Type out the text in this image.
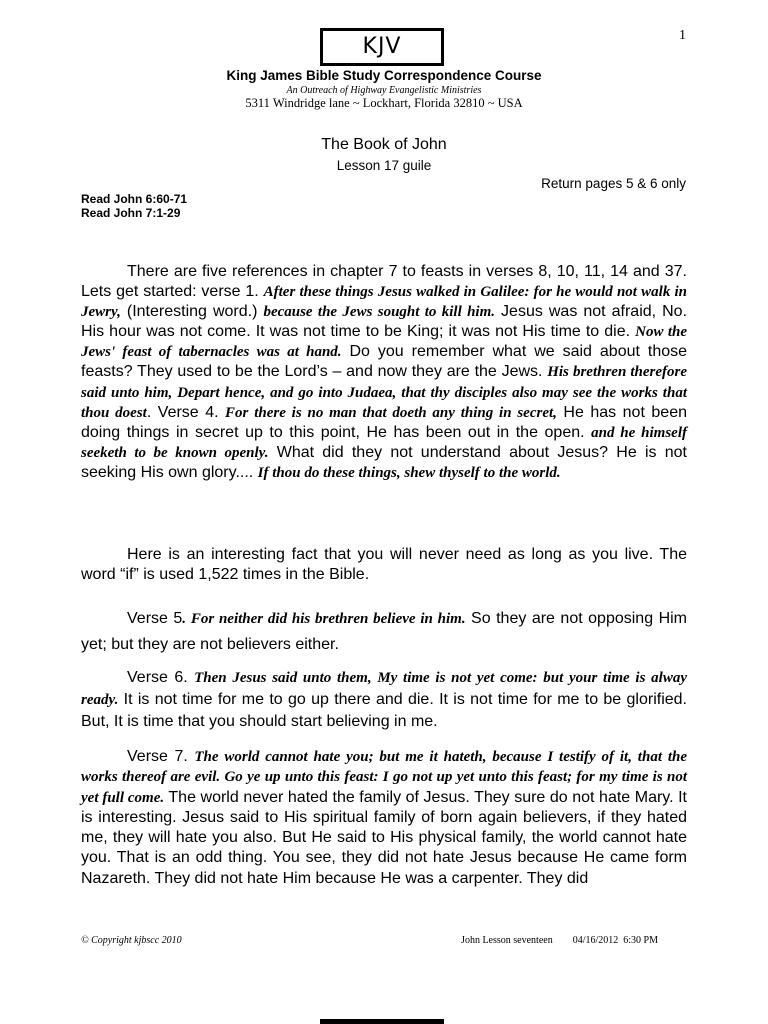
KJV	1
King James Bible Study Correspondence Course
An Outreach of Highway Evangelistic Ministries
5311 Windridge lane ~ Lockhart, Florida 32810 ~ USA
The Book of John
Lesson 17 guile
Return pages 5 & 6 only
Read John 6:60-71
Read John 7:1-29

There are five references in chapter 7 to feasts in verses 8, 10, 11, 14 and 37. Lets get started: verse 1. After these things Jesus walked in Galilee: for he would not walk in Jewry, (Interesting word.) because the Jews sought to kill him. Jesus was not afraid, No. His hour was not come. It was not time to be King; it was not His time to die. Now the Jews' feast of tabernacles was at hand. Do you remember what we said about those feasts? They used to be the Lord’s – and now they are the Jews. His brethren therefore said unto him, Depart hence, and go into Judaea, that thy disciples also may see the works that thou doest. Verse 4. For there is no man that doeth any thing in secret, He has not been doing things in secret up to this point, He has been out in the open. and he himself seeketh to be known openly. What did they not understand about Jesus? He is not seeking His own glory.... If thou do these things, shew thyself to the world.

Here is an interesting fact that you will never need as long as you live. The word “if” is used 1,522 times in the Bible.

Verse 5. For neither did his brethren believe in him. So they are not opposing Him yet; but they are not believers either.

Verse 6. Then Jesus said unto them, My time is not yet come: but your time is alway ready. It is not time for me to go up there and die. It is not time for me to be glorified. But, It is time that you should start believing in me.

Verse 7. The world cannot hate you; but me it hateth, because I testify of it, that the works thereof are evil. Go ye up unto this feast: I go not up yet unto this feast; for my time is not yet full come. The world never hated the family of Jesus. They sure do not hate Mary. It is interesting. Jesus said to His spiritual family of born again believers, if they hated me, they will hate you also. But He said to His physical family, the world cannot hate you. That is an odd thing. You see, they did not hate Jesus because He came form Nazareth. They did not hate Him because He was a carpenter. They did

© Copyright kjbscc 2010	John Lesson seventeen 04/16/2012 6:30 PM
